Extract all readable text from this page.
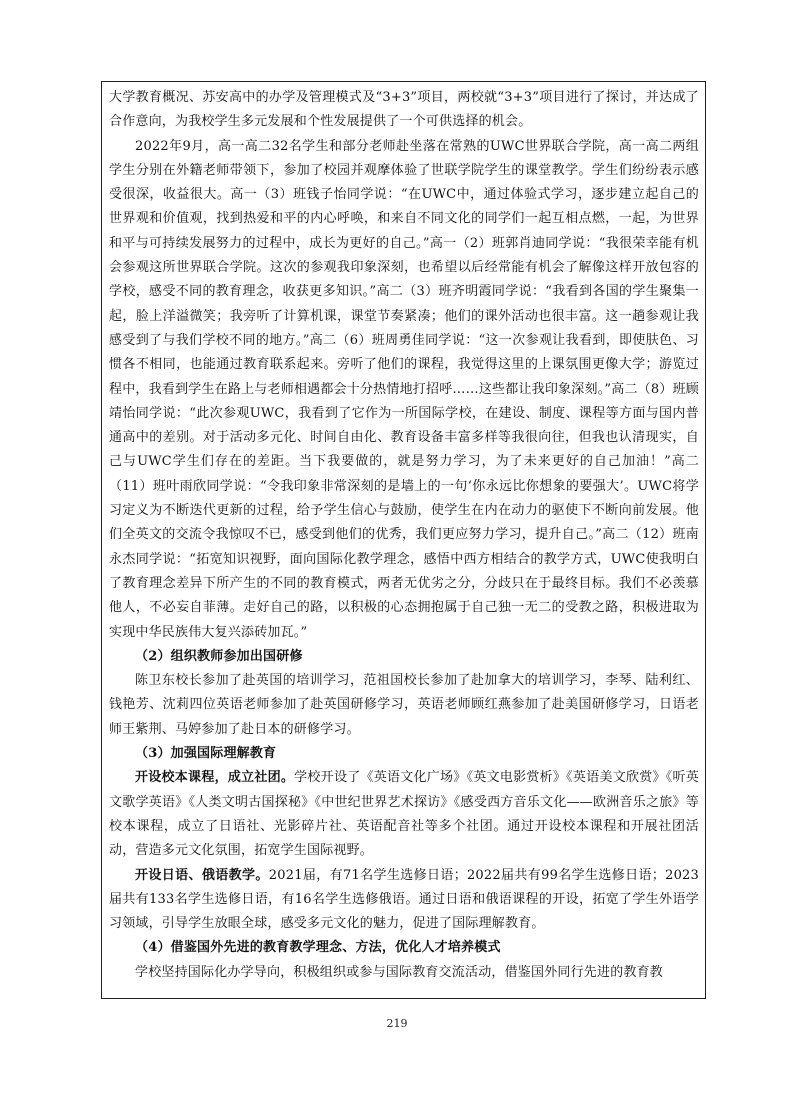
大学教育概况、苏安高中的办学及管理模式及“3+3”项目，两校就“3+3”项目进行了探讨，并达成了合作意向，为我校学生多元发展和个性发展提供了一个可供选择的机会。

2022年9月，高一高二32名学生和部分老师赴坐落在常熟的UWC世界联合学院，高一高二两组学生分别在外籍老师带领下，参加了校园并观摩体验了世联学院学生的课堂教学。学生们纷纷表示感受很深，收益很大。高一（3）班钱子怡同学说：“在UWC中，通过体验式学习，逐步建立起自己的世界观和价值观，找到热爱和平的内心呼唤，和来自不同文化的同学们一起互相点燃，一起，为世界和平与可持续发展努力的过程中，成长为更好的自己。”高一（2）班郭肖迪同学说：“我很荣幸能有机会参观这所世界联合学院。这次的参观我印象深刻，也希望以后经常能有机会了解像这样开放包容的学校，感受不同的教育理念，收获更多知识。”高二（3）班齐明霞同学说：“我看到各国的学生聚集一起，脸上洋溢微笑；我旁听了计算机课，课堂节奏紧凑；他们的课外活动也很丰富。这一趟参观让我感受到了与我们学校不同的地方。”高二（6）班周勇佳同学说：“这一次参观让我看到，即使肤色、习惯各不相同，也能通过教育联系起来。旁听了他们的课程，我觉得这里的上课氛围更像大学；游览过程中，我看到学生在路上与老师相遇都会十分热情地打招呼……这些都让我印象深刻。”高二（8）班顾靖怡同学说：“此次参观UWC，我看到了它作为一所国际学校，在建设、制度、课程等方面与国内普通高中的差别。对于活动多元化、时间自由化、教育设备丰富多样等我很向往，但我也认清现实，自己与UWC学生们存在的差距。当下我要做的，就是努力学习，为了未来更好的自己加油！”高二（11）班叶雨欣同学说：“令我印象非常深刻的是墙上的一句‘你永远比你想象的要强大’。UWC将学习定义为不断迭代更新的过程，给予学生信心与鼓励，使学生在内在动力的驱使下不断向前发展。他们全英文的交流令我惊叹不已，感受到他们的优秀，我们更应努力学习，提升自己。”高二（12）班南永杰同学说：“拓宽知识视野，面向国际化教学理念，感悟中西方相结合的教学方式，UWC使我明白了教育理念差异下所产生的不同的教育模式，两者无优劣之分，分歧只在于最终目标。我们不必羡慕他人，不必妄自菲薄。走好自己的路，以积极的心态拥抱属于自己独一无二的受教之路，积极进取为实现中华民族伟大复兴添砖加瓦。”

（2）组织教师参加出国研修

陈卫东校长参加了赴英国的培训学习，范祖国校长参加了赴加拿大的培训学习，李琴、陆利红、钱艳芳、沈莉四位英语老师参加了赴英国研修学习，英语老师顾红燕参加了赴美国研修学习，日语老师王紫荆、马婷参加了赴日本的研修学习。

（3）加强国际理解教育

开设校本课程，成立社团。学校开设了《英语文化广场》《英文电影赏析》《英语美文欣赏》《听英文歌学英语》《人类文明古国探秘》《中世纪世界艺术探访》《感受西方音乐文化——欧洲音乐之旅》等校本课程，成立了日语社、光影碎片社、英语配音社等多个社团。通过开设校本课程和开展社团活动，营造多元文化氛围，拓宽学生国际视野。

开设日语、俄语教学。2021届，有71名学生选修日语；2022届共有99名学生选修日语；2023届共有133名学生选修日语，有16名学生选修俄语。通过日语和俄语课程的开设，拓宽了学生外语学习领域，引导学生放眼全球，感受多元文化的魅力，促进了国际理解教育。

（4）借鉴国外先进的教育教学理念、方法，优化人才培养模式

学校坚持国际化办学导向，积极组织或参与国际教育交流活动，借鉴国外同行先进的教育教

219
